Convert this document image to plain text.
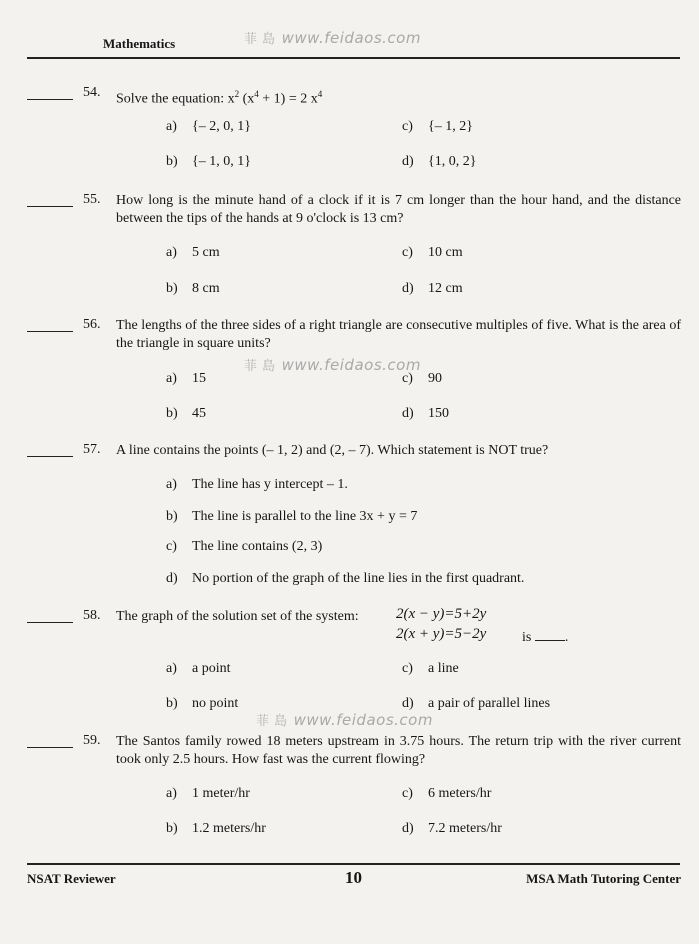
Mathematics	菲 島 www.feidaos.com
54. Solve the equation: $x^2$ $(x^4 + 1) = 2$ $x^4$
a) {– 2, 0, 1}	c) {– 1, 2}
b) {– 1, 0, 1}	d) {1, 0, 2}
55. How long is the minute hand of a clock if it is 7 cm longer than the hour hand, and the distance between the tips of the hands at 9 o'clock is 13 cm?
a) 5 cm	c) 10 cm
b) 8 cm	d) 12 cm
56. The lengths of the three sides of a right triangle are consecutive multiples of five. What is the area of the triangle in square units?
菲 島 www.feidaos.com
a) 15	c) 90
b) 45	d) 150
57. A line contains the points (– 1, 2) and (2, – 7). Which statement is NOT true?
a) The line has y intercept – 1.
b) The line is parallel to the line 3x + y = 7
c) The line contains (2, 3)
d) No portion of the graph of the line lies in the first quadrant.
58. The graph of the solution set of the system:	2(x − y)=5+2y
2(x + y)=5−2y	is .
a) a point	c) a line
b) no point	d) a pair of parallel lines
菲 島 www.feidaos.com
59. The Santos family rowed 18 meters upstream in 3.75 hours. The return trip with the river current took only 2.5 hours. How fast was the current flowing?
a) 1 meter/hr	c) 6 meters/hr
b) 1.2 meters/hr	d) 7.2 meters/hr
NSAT Reviewer	10	MSA Math Tutoring Center
